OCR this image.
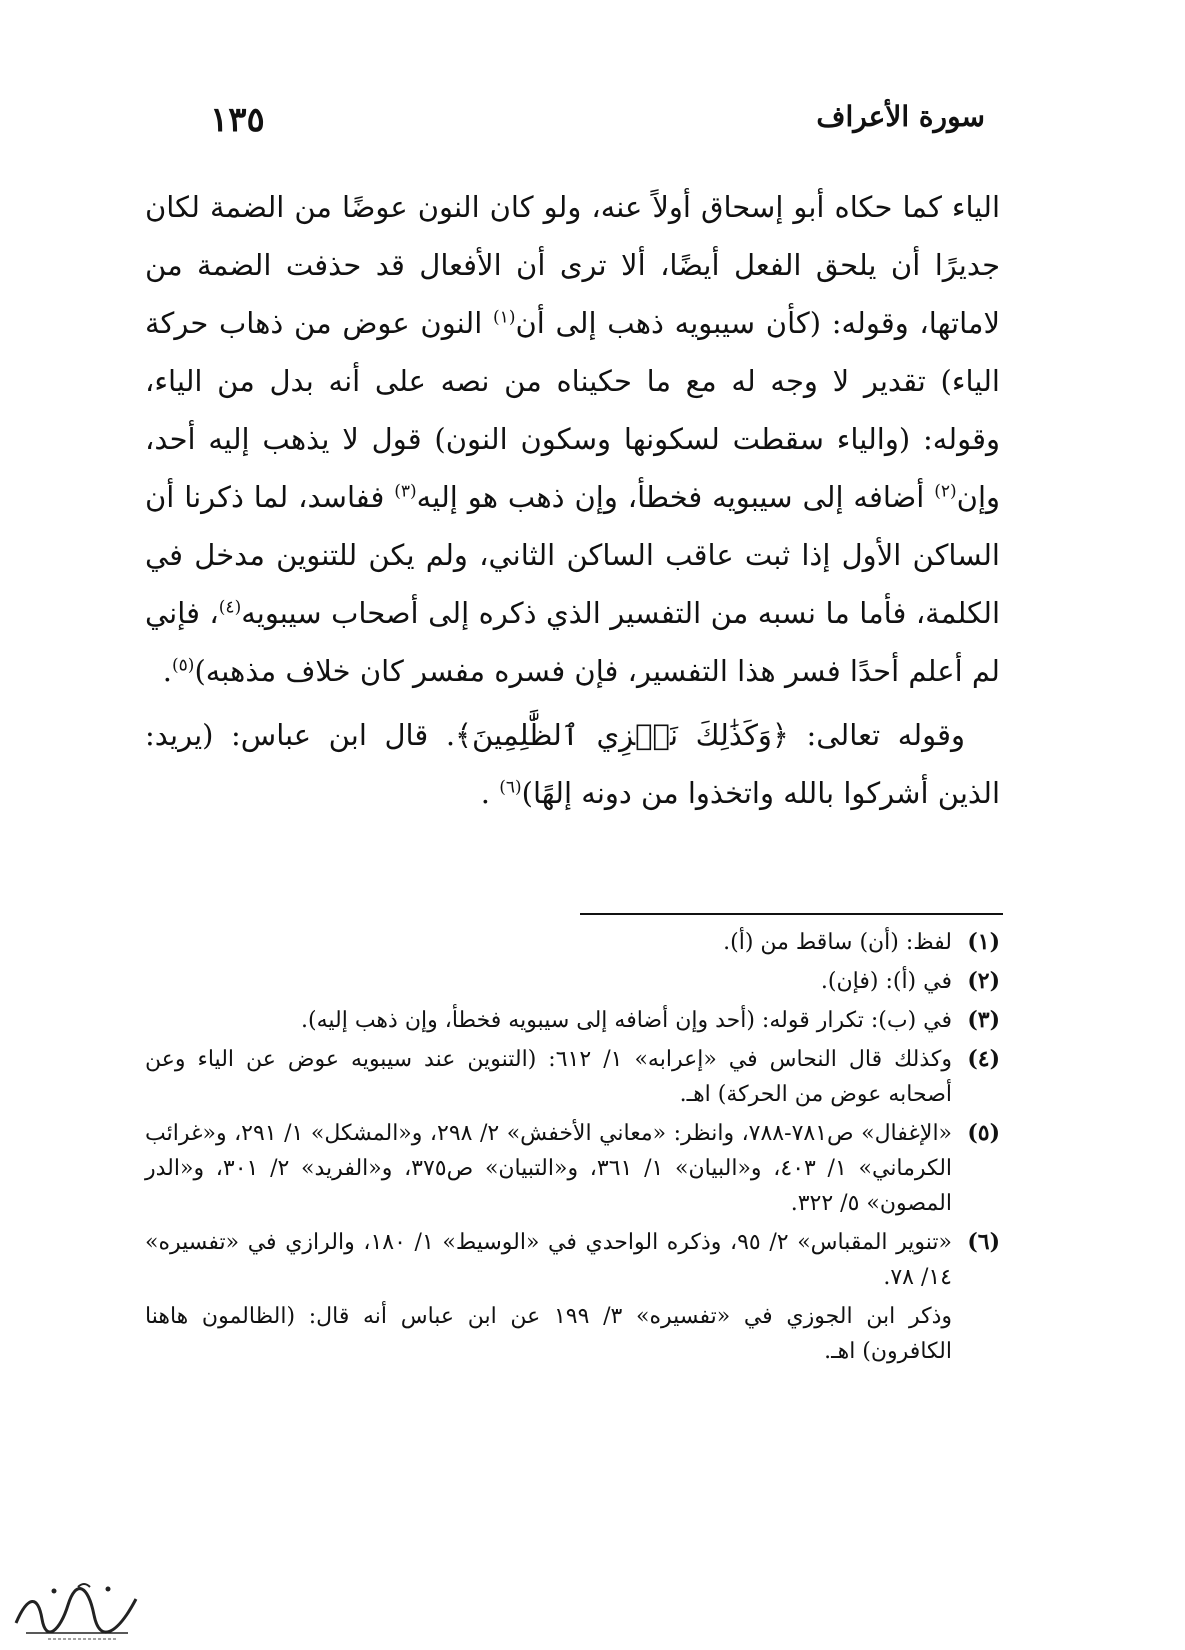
١٣٥	سورة الأعراف

الياء كما حكاه أبو إسحاق أولاً عنه، ولو كان النون عوضًا من الضمة لكان جديرًا أن يلحق الفعل أيضًا، ألا ترى أن الأفعال قد حذفت الضمة من لاماتها، وقوله: (كأن سيبويه ذهب إلى أن$^{(١)}$ النون عوض من ذهاب حركة الياء) تقدير لا وجه له مع ما حكيناه من نصه على أنه بدل من الياء، وقوله: (والياء سقطت لسكونها وسكون النون) قول لا يذهب إليه أحد، وإن$^{(٢)}$ أضافه إلى سيبويه فخطأ، وإن ذهب هو إليه$^{(٣)}$ ففاسد، لما ذكرنا أن الساكن الأول إذا ثبت عاقب الساكن الثاني، ولم يكن للتنوين مدخل في الكلمة، فأما ما نسبه من التفسير الذي ذكره إلى أصحاب سيبويه$^{(٤)}$، فإني لم أعلم أحدًا فسر هذا التفسير، فإن فسره مفسر كان خلاف مذهبه)$^{(٥)}$.

وقوله تعالى: ﴿وَكَذَٰلِكَ نَجۡزِي ٱلظَّٰلِمِينَ﴾. قال ابن عباس: (يريد: الذين أشركوا بالله واتخذوا من دونه إلهًا)$^{(٦)}$ .

(١)
لفظ: (أن) ساقط من (أ).
(٢)
في (أ): (فإن).
(٣)
في (ب): تكرار قوله: (أحد وإن أضافه إلى سيبويه فخطأ، وإن ذهب إليه).
(٤)
وكذلك قال النحاس في «إعرابه» ١/ ٦١٢: (التنوين عند سيبويه عوض عن الياء وعن أصحابه عوض من الحركة) اهـ.
(٥)
«الإغفال» ص٧٨١-٧٨٨، وانظر: «معاني الأخفش» ٢/ ٢٩٨، و«المشكل» ١/ ٢٩١، و«غرائب الكرماني» ١/ ٤٠٣، و«البيان» ١/ ٣٦١، و«التبيان» ص٣٧٥، و«الفريد» ٢/ ٣٠١، و«الدر المصون» ٥/ ٣٢٢.
(٦)
«تنوير المقباس» ٢/ ٩٥، وذكره الواحدي في «الوسيط» ١/ ١٨٠، والرازي في «تفسيره» ١٤/ ٧٨.

وذكر ابن الجوزي في «تفسيره» ٣/ ١٩٩ عن ابن عباس أنه قال: (الظالمون هاهنا الكافرون) اهـ.
